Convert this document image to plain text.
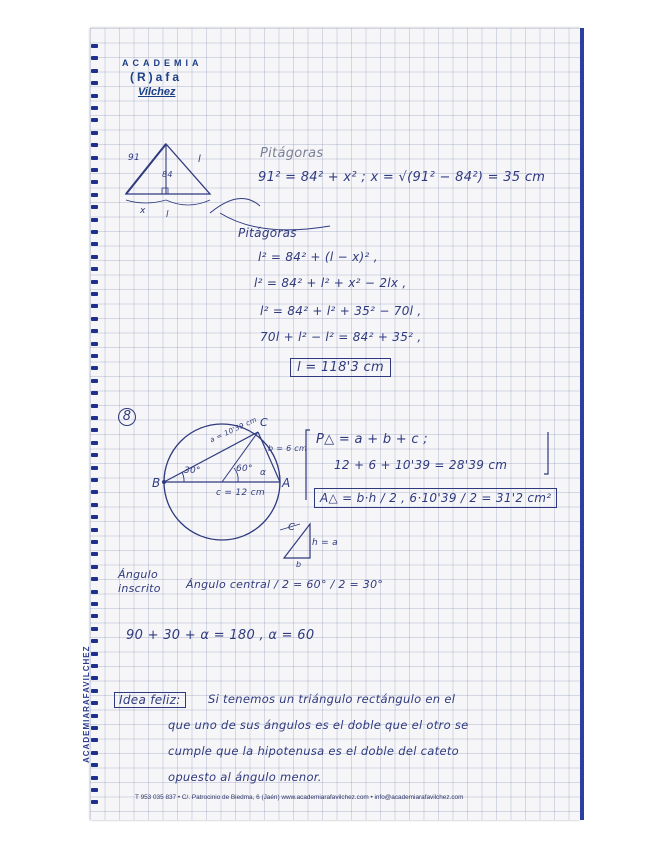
ACADEMIA
(R)afa
Vilchez
91
84
l
x l
Pitágoras
91² = 84² + x² ; x = √(91² − 84²) = 35 cm
Pitágoras
l² = 84² + (l − x)² ,
l² = 84² + l² + x² − 2lx ,
l² = 84² + l² + 35² − 70l ,
70l + l² − l² = 84² + 35² ,
l = 118'3 cm
8	C
B	A
a = 10'39 cm
b = 6 cm
c = 12 cm
30°	60° α
P△ = a + b + c ;
12 + 6 + 10'39 = 28'39 cm
A△ = b·h / 2 , 6·10'39 / 2 = 31'2 cm²
C
h = a
b
Ángulo inscrito	Ángulo central / 2 = 60° / 2 = 30°
90 + 30 + α = 180 , α = 60
Idea feliz:	Si tenemos un triángulo rectángulo en el
que uno de sus ángulos es el doble que el otro se
cumple que la hipotenusa es el doble del cateto
opuesto al ángulo menor.
ACADEMIARAFAVILCHEZ
T 953 035 837 • C/. Patrocinio de Biedma, 6 (Jaén) www.academiarafavilchez.com • info@academiarafavilchez.com
